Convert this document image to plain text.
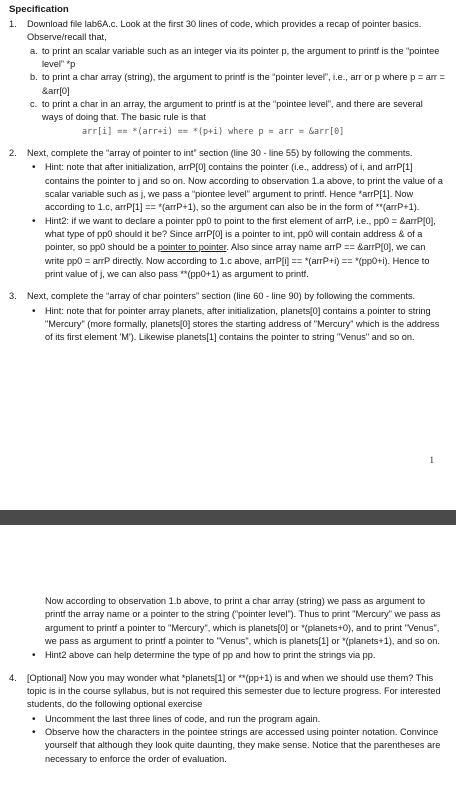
Specification
1. Download file lab6A.c. Look at the first 30 lines of code, which provides a recap of pointer basics. Observe/recall that,
a. to print an scalar variable such as an integer via its pointer p, the argument to printf is the “pointee level” *p
b. to print a char array (string), the argument to printf is the “pointer level”, i.e., arr or p where p = arr = &arr[0]
c. to print a char in an array, the argument to printf is at the “pointee level”, and there are several ways of doing that. The basic rule is that
arr[i] == *(arr+i) == *(p+i) where p = arr = &arr[0]
2. Next, complete the “array of pointer to int” section (line 30 - line 55) by following the comments.
• Hint: note that after initialization, arrP[0] contains the pointer (i.e., address) of i, and arrP[1] contains the pointer to j and so on. Now according to observation 1.a above, to print the value of a scalar variable such as j, we pass a “piontee level” argument to printf. Hence *arrP[1]. Now according to 1.c, arrP[1] == *(arrP+1), so the argument can also be in the form of **(arrP+1).
• Hint2: if we want to declare a pointer pp0 to point to the first element of arrP, i.e., pp0 = &arrP[0], what type of pp0 should it be? Since arrP[0] is a pointer to int, pp0 will contain address & of a pointer, so pp0 should be a pointer to pointer. Also since array name arrP == &arrP[0], we can write pp0 = arrP directly. Now according to 1.c above, arrP[i] == *(arrP+i) == *(pp0+i). Hence to print value of j, we can also pass **(pp0+1) as argument to printf.
3. Next, complete the “array of char pointers” section (line 60 - line 90) by following the comments.
• Hint: note that for pointer array planets, after initialization, planets[0] contains a pointer to string "Mercury" (more formally, planets[0] stores the starting address of "Mercury" which is the address of its first element 'M'). Likewise planets[1] contains the pointer to string "Venus" and so on.
1
Now according to observation 1.b above, to print a char array (string) we pass as argument to printf the array name or a pointer to the string (“pointer level”). Thus to print "Mercury" we pass as argument to printf a pointer to "Mercury", which is planets[0] or *(planets+0), and to print "Venus", we pass as argument to printf a pointer to "Venus", which is planets[1] or *(planets+1), and so on.
• Hint2 above can help determine the type of pp and how to print the strings via pp.
4. [Optional] Now you may wonder what *planets[1] or **(pp+1) is and when we should use them? This topic is in the course syllabus, but is not required this semester due to lecture progress. For interested students, do the following optional exercise
• Uncomment the last three lines of code, and run the program again.
• Observe how the characters in the pointee strings are accessed using pointer notation. Convince yourself that although they look quite daunting, they make sense. Notice that the parentheses are necessary to enforce the order of evaluation.
